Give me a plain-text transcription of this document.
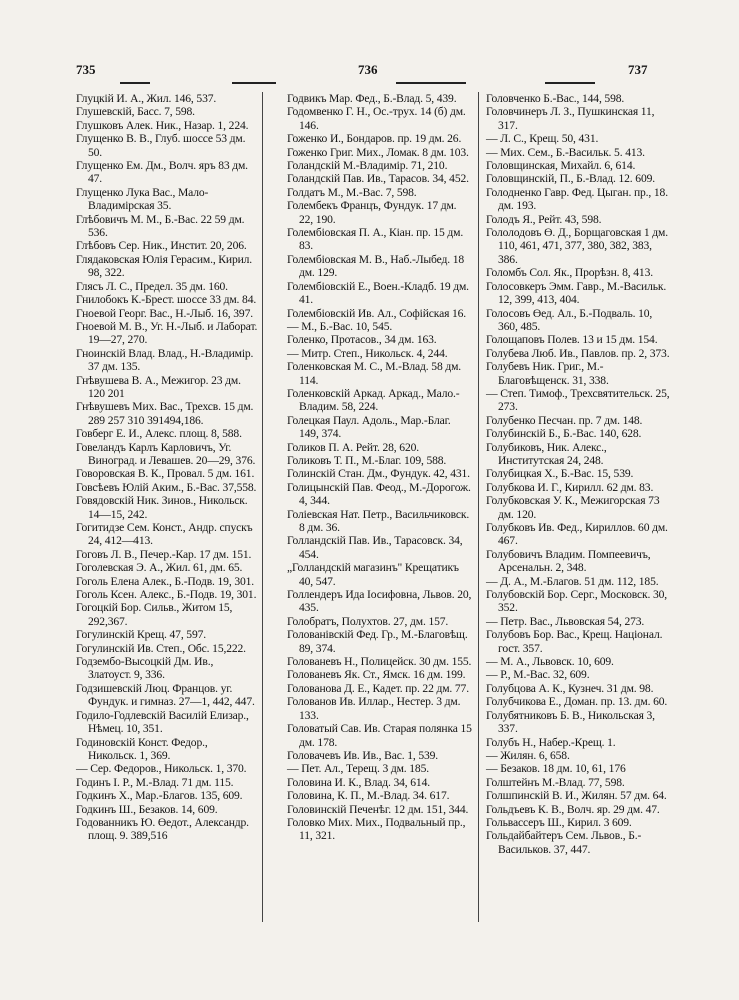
735	736	737

Глуцкій И. А., Жил. 146, 537.

Глушевскій, Басс. 7, 598.

Глушковъ Алек. Ник., Назар. 1, 224.

Глущенко В. В., Глуб. шоссе 53 дм. 50.

Глущенко Ем. Дм., Волч. яръ 83 дм. 47.

Глущенко Лука Вас., Мало-Владимірская 35.

Глѣбовичъ М. М., Б.-Вас. 22 59 дм. 536.

Глѣбовъ Сер. Ник., Инстит. 20, 206.

Глядаковская Юлія Герасим., Кирил. 98, 322.

Глясъ Л. С., Предел. 35 дм. 160.

Гнилобокъ К.-Брест. шоссе 33 дм. 84.

Гноевой Георг. Вас., Н.-Лыб. 16, 397.

Гноевой М. В., Уг. Н.-Лыб. и Лаборат. 19—27, 270.

Гноинскій Влад. Влад., Н.-Владимір. 37 дм. 135.

Гнѣвушева В. А., Межигор. 23 дм. 120 201

Гнѣвушевъ Мих. Вас., Трехсв. 15 дм. 289 257 310 391494,186.

Говберг Е. И., Алекс. площ. 8, 588.

Говеландъ Карлъ Карловичъ, Уг. Виноград. и Левашев. 20—29, 376.

Говоровская В. К., Провал. 5 дм. 161.

Говсѣевъ Юлій Аким., Б.-Вас. 37,558.

Говядовскій Ник. Зинов., Никольск. 14—15, 242.

Гогитидзе Сем. Конст., Андр. спускъ 24, 412—413.

Гоговъ Л. В., Печер.-Кар. 17 дм. 151.

Гоголевская Э. А., Жил. 61, дм. 65.

Гоголь Елена Алек., Б.-Подв. 19, 301.

Гоголь Ксен. Алекс., Б.-Подв. 19, 301.

Гогоцкій Бор. Сильв., Житом 15, 292,367.

Гогулинскій Крещ. 47, 597.

Гогулинскій Ив. Степ., Обс. 15,222.

Годзембо-Высоцкій Дм. Ив., Златоуст. 9, 336.

Годзишевскій Люц. Францов. уг. Фундук. и гимназ. 27—1, 442, 447.

Годило-Годлевскій Василій Елизар., Нѣмец. 10, 351.

Годиновскій Конст. Федор., Никольск. 1, 369.

— Сер. Федоров., Никольск. 1, 370.

Годинъ I. Р., М.-Влад. 71 дм. 115.

Годкинъ Х., Мар.-Благов. 135, 609.

Годкинъ Ш., Безаков. 14, 609.

Годованникъ Ю. Өедот., Александр. площ. 9. 389,516

Годвикъ Мар. Фед., Б.-Влад. 5, 439.

Годомвенко Г. Н., Ос.-трух. 14 (б) дм. 146.

Гоженко И., Бондаров. пр. 19 дм. 26.

Гоженко Григ. Мих., Ломак. 8 дм. 103.

Голандскій М.-Владимір. 71, 210.

Голандскій Пав. Ив., Тарасов. 34, 452.

Голдатъ М., М.-Вас. 7, 598.

Голембекъ Францъ, Фундук. 17 дм. 22, 190.

Голембіовская П. А., Кіан. пр. 15 дм. 83.

Голембіовская М. В., Наб.-Лыбед. 18 дм. 129.

Голембіовскій Е., Воен.-Кладб. 19 дм. 41.

Голембіовскій Ив. Ал., Софійская 16.

— М., Б.-Вас. 10, 545.

Голенко, Протасов., 34 дм. 163.

— Митр. Степ., Никольск. 4, 244.

Голенковская М. С., М.-Влад. 58 дм. 114.

Голенковскій Аркад. Аркад., Мало.-Владим. 58, 224.

Голецкая Паул. Адоль., Мар.-Благ. 149, 374.

Голиков П. А. Рейт. 28, 620.

Голиковъ Т. П., М.-Благ. 109, 588.

Голинскій Стан. Дм., Фундук. 42, 431.

Голицынскій Пав. Феод., М.-Дорогож. 4, 344.

Голіевская Нат. Петр., Васильчиковск. 8 дм. 36.

Голландскій Пав. Ив., Тарасовск. 34, 454.

„Голландскій магазинъ" Крещатикъ 40, 547.

Голлендеръ Ида Іосифовна, Львов. 20, 435.

Голобратъ, Полухтов. 27, дм. 157.

Голованівскій Фед. Гр., М.-Благовѣщ. 89, 374.

Голованевъ Н., Полицейск. 30 дм. 155.

Голованевъ Як. Ст., Ямск. 16 дм. 199.

Голованова Д. Е., Кадет. пр. 22 дм. 77.

Голованов Ив. Иллар., Нестер. 3 дм. 133.

Головатый Сав. Ив. Старая полянка 15 дм. 178.

Головачевъ Ив. Ив., Вас. 1, 539.

— Пет. Ал., Терещ. 3 дм. 185.

Головина И. К., Влад. 34, 614.

Головина, К. П., М.-Влад. 34. 617.

Головинскій Печенѣг. 12 дм. 151, 344.

Головко Мих. Мих., Подвальный пр., 11, 321.

Головченко Б.-Вас., 144, 598.

Головчинеръ Л. З., Пушкинская 11, 317.

— Л. С., Крещ. 50, 431.

— Мих. Сем., Б.-Васильк. 5. 413.

Головщинская, Михайл. 6, 614.

Головщинскій, П., Б.-Влад. 12. 609.

Голодненко Гавр. Фед. Цыган. пр., 18. дм. 193.

Голодъ Я., Рейт. 43, 598.

Гололодовъ Ө. Д., Борщаговская 1 дм. 110, 461, 471, 377, 380, 382, 383, 386.

Голомбъ Сол. Як., Прорѣзн. 8, 413.

Голосовкеръ Эмм. Гавр., М.-Васильк. 12, 399, 413, 404.

Голосовъ Өед. Ал., Б.-Подваль. 10, 360, 485.

Голощаповъ Полев. 13 и 15 дм. 154.

Голубева Люб. Ив., Павлов. пр. 2, 373.

Голубевъ Ник. Григ., М.-Благовѣщенск. 31, 338.

— Степ. Тимоф., Трехсвятительск. 25, 273.

Голубенко Песчан. пр. 7 дм. 148.

Голубинскій Б., Б.-Вас. 140, 628.

Голубиковъ, Ник. Алекс., Институтская 24, 248.

Голубицкая Х., Б.-Вас. 15, 539.

Голубкова И. Г., Кирилл. 62 дм. 83.

Голубковская У. К., Межигорская 73 дм. 120.

Голубковъ Ив. Фед., Кириллов. 60 дм. 467.

Голубовичъ Владим. Помпеевичъ, Арсенальн. 2, 348.

— Д. А., М.-Благов. 51 дм. 112, 185.

Голубовскій Бор. Серг., Московск. 30, 352.

— Петр. Вас., Львовская 54, 273.

Голубовъ Бор. Вас., Крещ. Націонал. гост. 357.

— М. А., Львовск. 10, 609.

— Р., М.-Вас. 32, 609.

Голубцова А. К., Кузнеч. 31 дм. 98.

Голубчикова Е., Доман. пр. 13. дм. 60.

Голубятниковъ Б. В., Никольская 3, 337.

Голубъ Н., Набер.-Крещ. 1.

— Жилян. 6, 658.

— Безаков. 18 дм. 10, 61, 176

Голштейнъ М.-Влад. 77, 598.

Голшпинскій В. И., Жилян. 57 дм. 64.

Гольдъевъ К. В., Волч. яр. 29 дм. 47.

Гольвассеръ Ш., Кирил. 3 609.

Гольдайбайтеръ Сем. Львов., Б.-Васильков. 37, 447.
